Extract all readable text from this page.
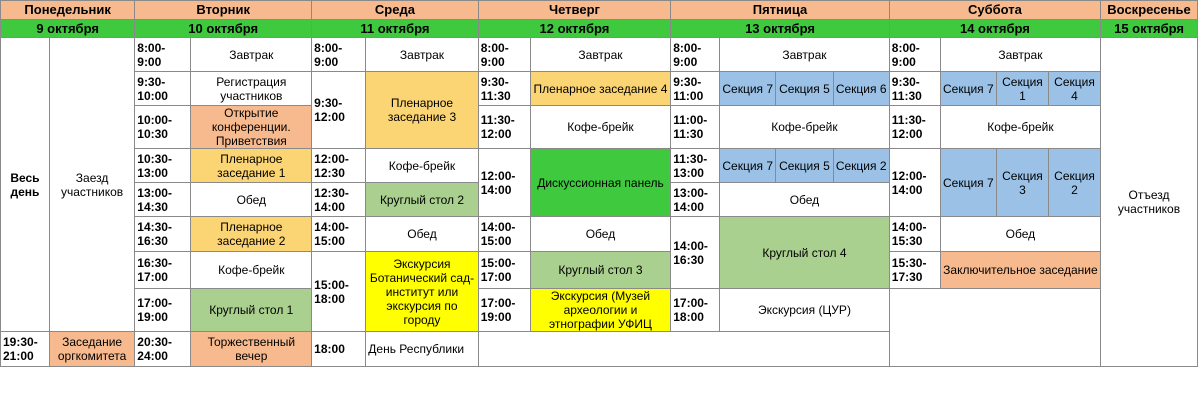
Понедельник		Вторник		Среда		Четверг		Пятница				Суббота				Воскресенье
9 октября		10 октября		11 октября		12 октября		13 октября				14 октября				15 октября
Весь день	Заезд участников	8:00-9:00	Завтрак	8:00-9:00	Завтрак	8:00-9:00	Завтрак	8:00-9:00	Завтрак			8:00-9:00	Завтрак			Отъезд участников
		9:30-10:00	Регистрация участников	9:30-12:00	Пленарное заседание 3	9:30-11:30	Пленарное заседание 4	9:30-11:00	Секция 7	Секция 5	Секция 6	9:30-11:30	Секция 7	Секция 1	Секция 4	
		10:00-10:30	Открытие конференции. Приветствия			11:30-12:00	Кофе-брейк	11:00-11:30	Кофе-брейк			11:30-12:00	Кофе-брейк			
		10:30-13:00	Пленарное заседание 1	12:00-12:30	Кофе-брейк	12:00-14:00	Дискуссионная панель	11:30-13:00	Секция 7	Секция 5	Секция 2	12:00-14:00	Секция 7	Секция 3	Секция 2	
		13:00-14:30	Обед	12:30-14:00	Круглый стол 2			13:00-14:00	Обед							
		14:30-16:30	Пленарное заседание 2	14:00-15:00	Обед	14:00-15:00	Обед	14:00-16:30	Круглый стол 4			14:00-15:30	Обед			
		16:30-17:00	Кофе-брейк	15:00-18:00	Экскурсия Ботанический сад-институт или экскурсия по городу	15:00-17:00	Круглый стол 3					15:30-17:30	Заключительное заседание			
		17:00-19:00	Круглый стол 1			17:00-19:00	Экскурсия (Музей археологии и этнографии УФИЦ	17:00-18:00	Экскурсия (ЦУР)							
19:30-21:00	Заседание оргкомитета	20:30-24:00	Торжественный вечер	18:00	День Республики											
